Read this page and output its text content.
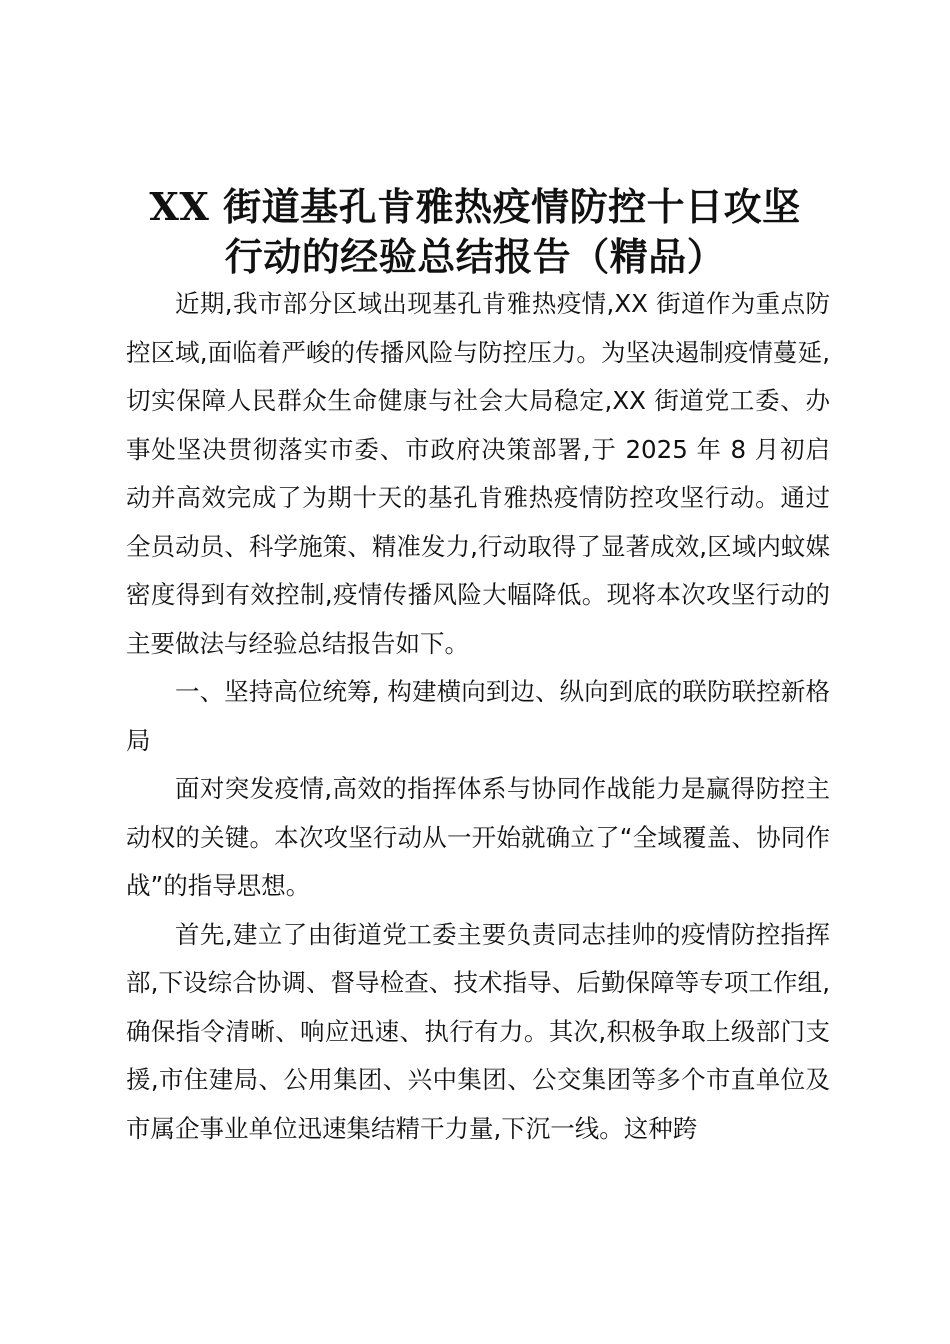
XX 街道基孔肯雅热疫情防控十日攻坚
行动的经验总结报告（精品）

近期,我市部分区域出现基孔肯雅热疫情,XX 街道作为重点防控区域,面临着严峻的传播风险与防控压力。为坚决遏制疫情蔓延,切实保障人民群众生命健康与社会大局稳定,XX 街道党工委、办事处坚决贯彻落实市委、市政府决策部署,于 2025 年 8 月初启动并高效完成了为期十天的基孔肯雅热疫情防控攻坚行动。通过全员动员、科学施策、精准发力,行动取得了显著成效,区域内蚊媒密度得到有效控制,疫情传播风险大幅降低。现将本次攻坚行动的主要做法与经验总结报告如下。

一、坚持高位统筹, 构建横向到边、纵向到底的联防联控新格局

面对突发疫情,高效的指挥体系与协同作战能力是赢得防控主动权的关键。本次攻坚行动从一开始就确立了“全域覆盖、协同作战”的指导思想。

首先,建立了由街道党工委主要负责同志挂帅的疫情防控指挥部,下设综合协调、督导检查、技术指导、后勤保障等专项工作组,确保指令清晰、响应迅速、执行有力。其次,积极争取上级部门支援,市住建局、公用集团、兴中集团、公交集团等多个市直单位及市属企事业单位迅速集结精干力量,下沉一线。这种跨
